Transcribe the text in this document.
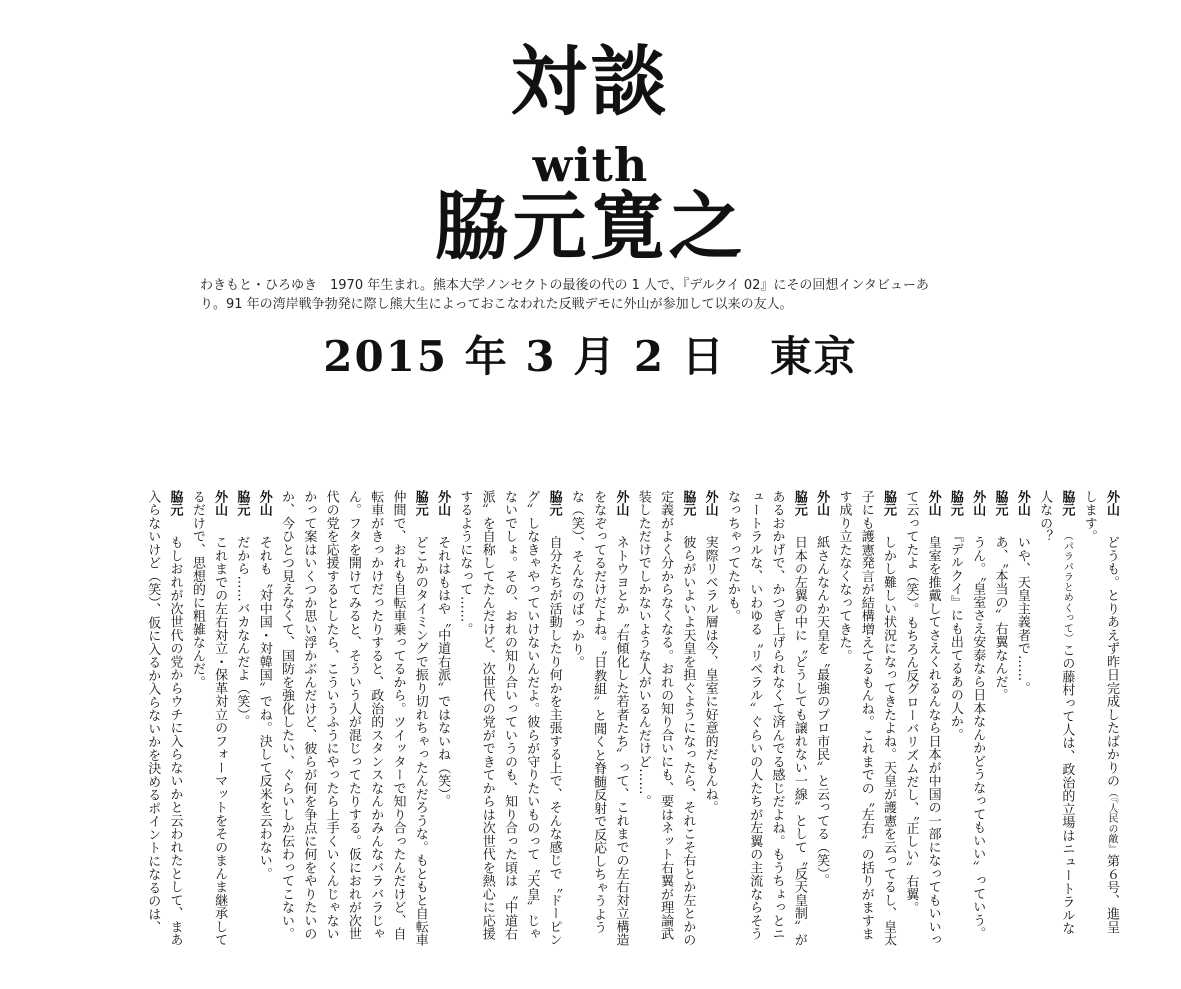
対談
with
脇元寛之

わきもと・ひろゆき　1970 年生まれ。熊本大学ノンセクトの最後の代の 1 人で、『デルクイ 02』にその回想インタビューあ

り。91 年の湾岸戦争勃発に際し熊大生によっておこなわれた反戦デモに外山が参加して以来の友人。

2015 年 3 月 2 日　東京

外山　どうも。とりあえず昨日完成したばかりの（『人民の敵』第６号、進呈

します。

脇元　（パラパラとめくって）この藤村って人は、政治的立場はニュートラルな

人なの？

外山　いや、天皇主義者で……。

脇元　あ、〝本当の〟右翼なんだ。

外山　うん。〝皇室さえ安泰なら日本なんかどうなってもいい〟っていう。

脇元　『デルクイ』にも出てるあの人か。

外山　皇室を推戴してさえくれるんなら日本が中国の一部になってもいいっ

て云ってたよ（笑）。もちろん反グローバリズムだし、〝正しい〟右翼。

脇元　しかし難しい状況になってきたよね。天皇が護憲を云ってるし、皇太

子にも護憲発言が結構増えてるもんね。これまでの〝左右〟の括りがますま

す成り立たなくなってきた。

外山　紙さんなんか天皇を〝最強のプロ市民〟と云ってる（笑）。

脇元　日本の左翼の中に〝どうしても譲れない一線〟として〝反天皇制〟が

あるおかげで、かつぎ上げられなくて済んでる感じだよね。もうちょっとニ

ュートラルな、いわゆる〝リベラル〟ぐらいの人たちが左翼の主流ならそう

なっちゃってたかも。

外山　実際リベラル層は今、皇室に好意的だもんね。

脇元　彼らがいよいよ天皇を担ぐようになったら、それこそ右とか左とかの

定義がよく分からなくなる。おれの知り合いにも、要はネット右翼が理論武

装しただけでしかないような人がいるんだけど……。

外山　ネトウヨとか〝右傾化した若者たち〟って、これまでの左右対立構造

をなぞってるだけだよね。〝日教組〟と聞くと脊髄反射で反応しちゃうよう

な（笑）、そんなのばっかり。

脇元　自分たちが活動したり何かを主張する上で、そんな感じで〝ドーピン

グ〟しなきゃやっていけないんだよ。彼らが守りたいものって〝天皇〟じゃ

ないでしょ。その、おれの知り合いっていうのも、知り合った頃は〝中道右

派〟を自称してたんだけど、次世代の党ができてからは次世代を熱心に応援

するようになって……。

外山　それはもはや〝中道右派〟ではないね（笑）。

脇元　どこかのタイミングで振り切れちゃったんだろうな。もともと自転車

仲間で、おれも自転車乗ってるから。ツイッターで知り合ったんだけど、自

転車がきっかけだったりすると、政治的スタンスなんかみんなバラバラじゃ

ん。フタを開けてみると、そういう人が混じってたりする。仮におれが次世

代の党を応援するとしたら、こういうふうにやったら上手くいくんじゃない

かって案はいくつか思い浮かぶんだけど、彼らが何を争点に何をやりたいの

か、今ひとつ見えなくて、国防を強化したい、ぐらいしか伝わってこない。

外山　それも〝対中国・対韓国〟でね。決して反米を云わない。

脇元　だから……バカなんだよ（笑）。

外山　これまでの左右対立・保革対立のフォーマットをそのまんま継承して

るだけで、思想的に粗雑なんだ。

脇元　もしおれが次世代の党からウチに入らないかと云われたとして、まあ

入らないけど（笑）、仮に入るか入らないかを決めるポイントになるのは、
